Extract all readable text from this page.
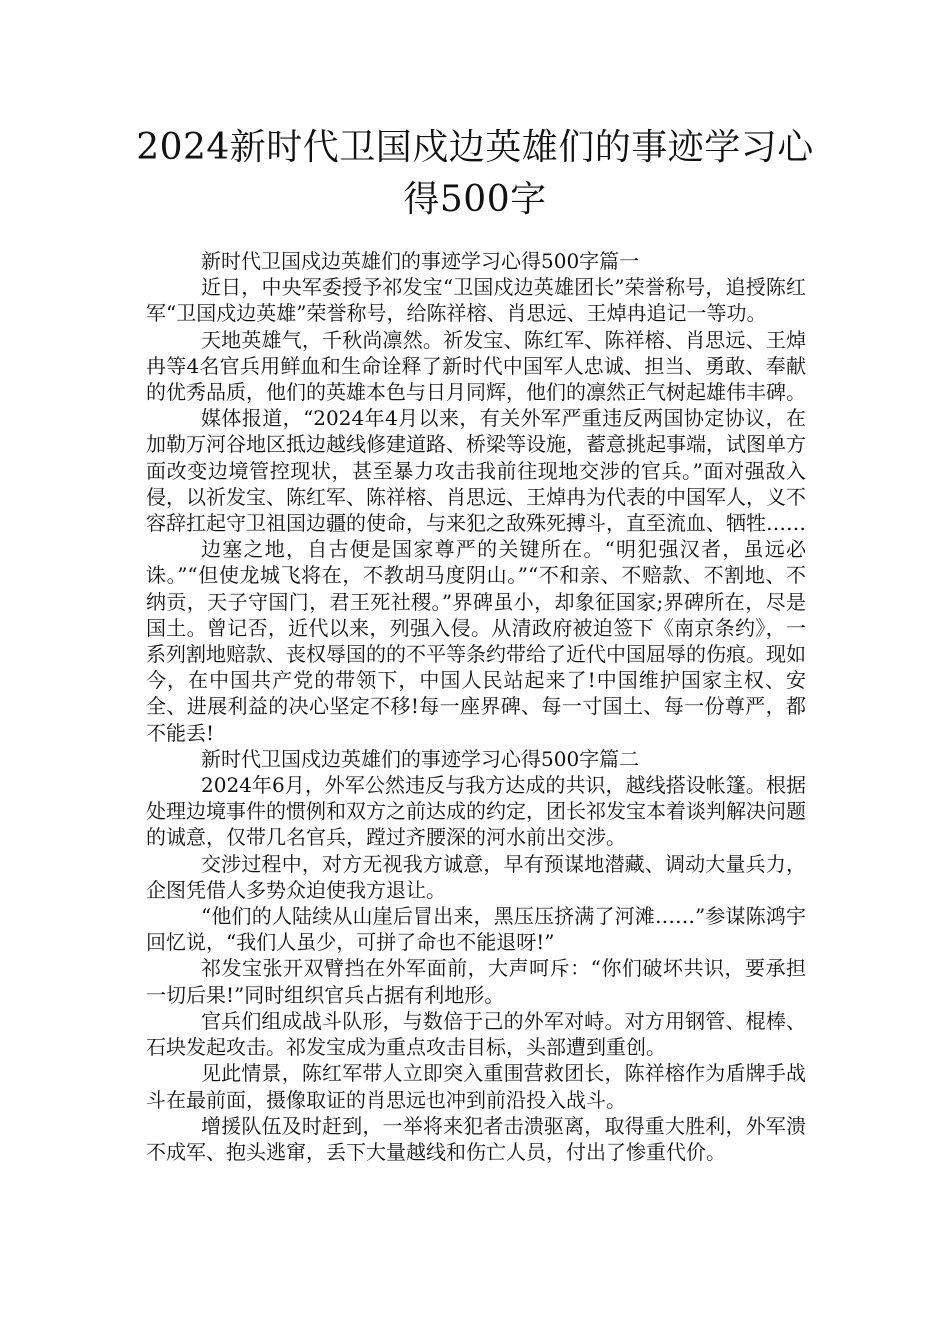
2024新时代卫国戍边英雄们的事迹学习心
得500字

新时代卫国戍边英雄们的事迹学习心得500字篇一

近日，中央军委授予祁发宝“卫国戍边英雄团长”荣誉称号，追授陈红军“卫国戍边英雄”荣誉称号，给陈祥榕、肖思远、王焯冉追记一等功。

天地英雄气，千秋尚凛然。祈发宝、陈红军、陈祥榕、肖思远、王焯冉等4名官兵用鲜血和生命诠释了新时代中国军人忠诚、担当、勇敢、奉献的优秀品质，他们的英雄本色与日月同辉，他们的凛然正气树起雄伟丰碑。

媒体报道，“2024年4月以来，有关外军严重违反两国协定协议，在加勒万河谷地区抵边越线修建道路、桥梁等设施，蓄意挑起事端，试图单方面改变边境管控现状，甚至暴力攻击我前往现地交涉的官兵。”面对强敌入侵，以祈发宝、陈红军、陈祥榕、肖思远、王焯冉为代表的中国军人，义不容辞扛起守卫祖国边疆的使命，与来犯之敌殊死搏斗，直至流血、牺牲……

边塞之地，自古便是国家尊严的关键所在。“明犯强汉者，虽远必诛。”“但使龙城飞将在，不教胡马度阴山。”“不和亲、不赔款、不割地、不纳贡，天子守国门，君王死社稷。”界碑虽小，却象征国家;界碑所在，尽是国土。曾记否，近代以来，列强入侵。从清政府被迫签下《南京条约》，一系列割地赔款、丧权辱国的的不平等条约带给了近代中国屈辱的伤痕。现如今，在中国共产党的带领下，中国人民站起来了!中国维护国家主权、安全、进展利益的决心坚定不移!每一座界碑、每一寸国土、每一份尊严，都不能丢!

新时代卫国戍边英雄们的事迹学习心得500字篇二

2024年6月，外军公然违反与我方达成的共识，越线搭设帐篷。根据处理边境事件的惯例和双方之前达成的约定，团长祁发宝本着谈判解决问题的诚意，仅带几名官兵，蹚过齐腰深的河水前出交涉。

交涉过程中，对方无视我方诚意，早有预谋地潜藏、调动大量兵力，企图凭借人多势众迫使我方退让。

“他们的人陆续从山崖后冒出来，黑压压挤满了河滩……”参谋陈鸿宇回忆说，“我们人虽少，可拼了命也不能退呀!”

祁发宝张开双臂挡在外军面前，大声呵斥：“你们破坏共识，要承担一切后果!”同时组织官兵占据有利地形。

官兵们组成战斗队形，与数倍于己的外军对峙。对方用钢管、棍棒、石块发起攻击。祁发宝成为重点攻击目标，头部遭到重创。

见此情景，陈红军带人立即突入重围营救团长，陈祥榕作为盾牌手战斗在最前面，摄像取证的肖思远也冲到前沿投入战斗。

增援队伍及时赶到，一举将来犯者击溃驱离，取得重大胜利，外军溃不成军、抱头逃窜，丢下大量越线和伤亡人员，付出了惨重代价。
